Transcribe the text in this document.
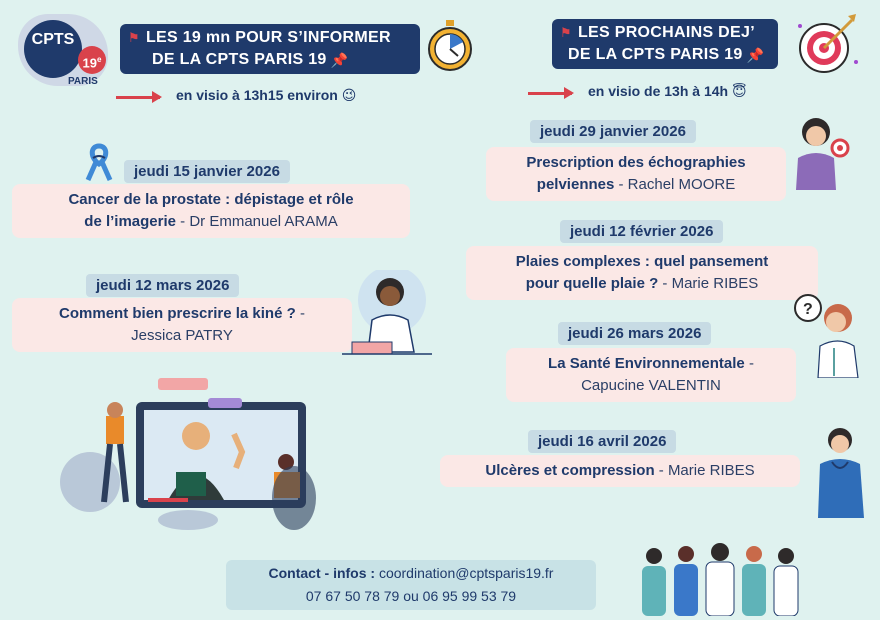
CPTS
19e
PARIS
⚑ LES 19 mn POUR S’INFORMER
DE LA CPTS PARIS 19 📌
en visio à 13h15 environ 😉
⚑ LES PROCHAINS DEJ’
DE LA CPTS PARIS 19 📌
en visio de 13h à 14h 😇
jeudi 15 janvier 2026
Cancer de la prostate : dépistage et rôle
de l’imagerie - Dr Emmanuel ARAMA
jeudi 12 mars 2026
Comment bien prescrire la kiné ? -
Jessica PATRY
jeudi 29 janvier 2026
Prescription des échographies
pelviennes - Rachel MOORE
jeudi 12 février 2026
Plaies complexes : quel pansement
pour quelle plaie ? - Marie RIBES
?
jeudi 26 mars 2026
La Santé Environnementale -
Capucine VALENTIN
jeudi 16 avril 2026
Ulcères et compression - Marie RIBES
Contact - infos : coordination@cptsparis19.fr
07 67 50 78 79 ou 06 95 99 53 79
